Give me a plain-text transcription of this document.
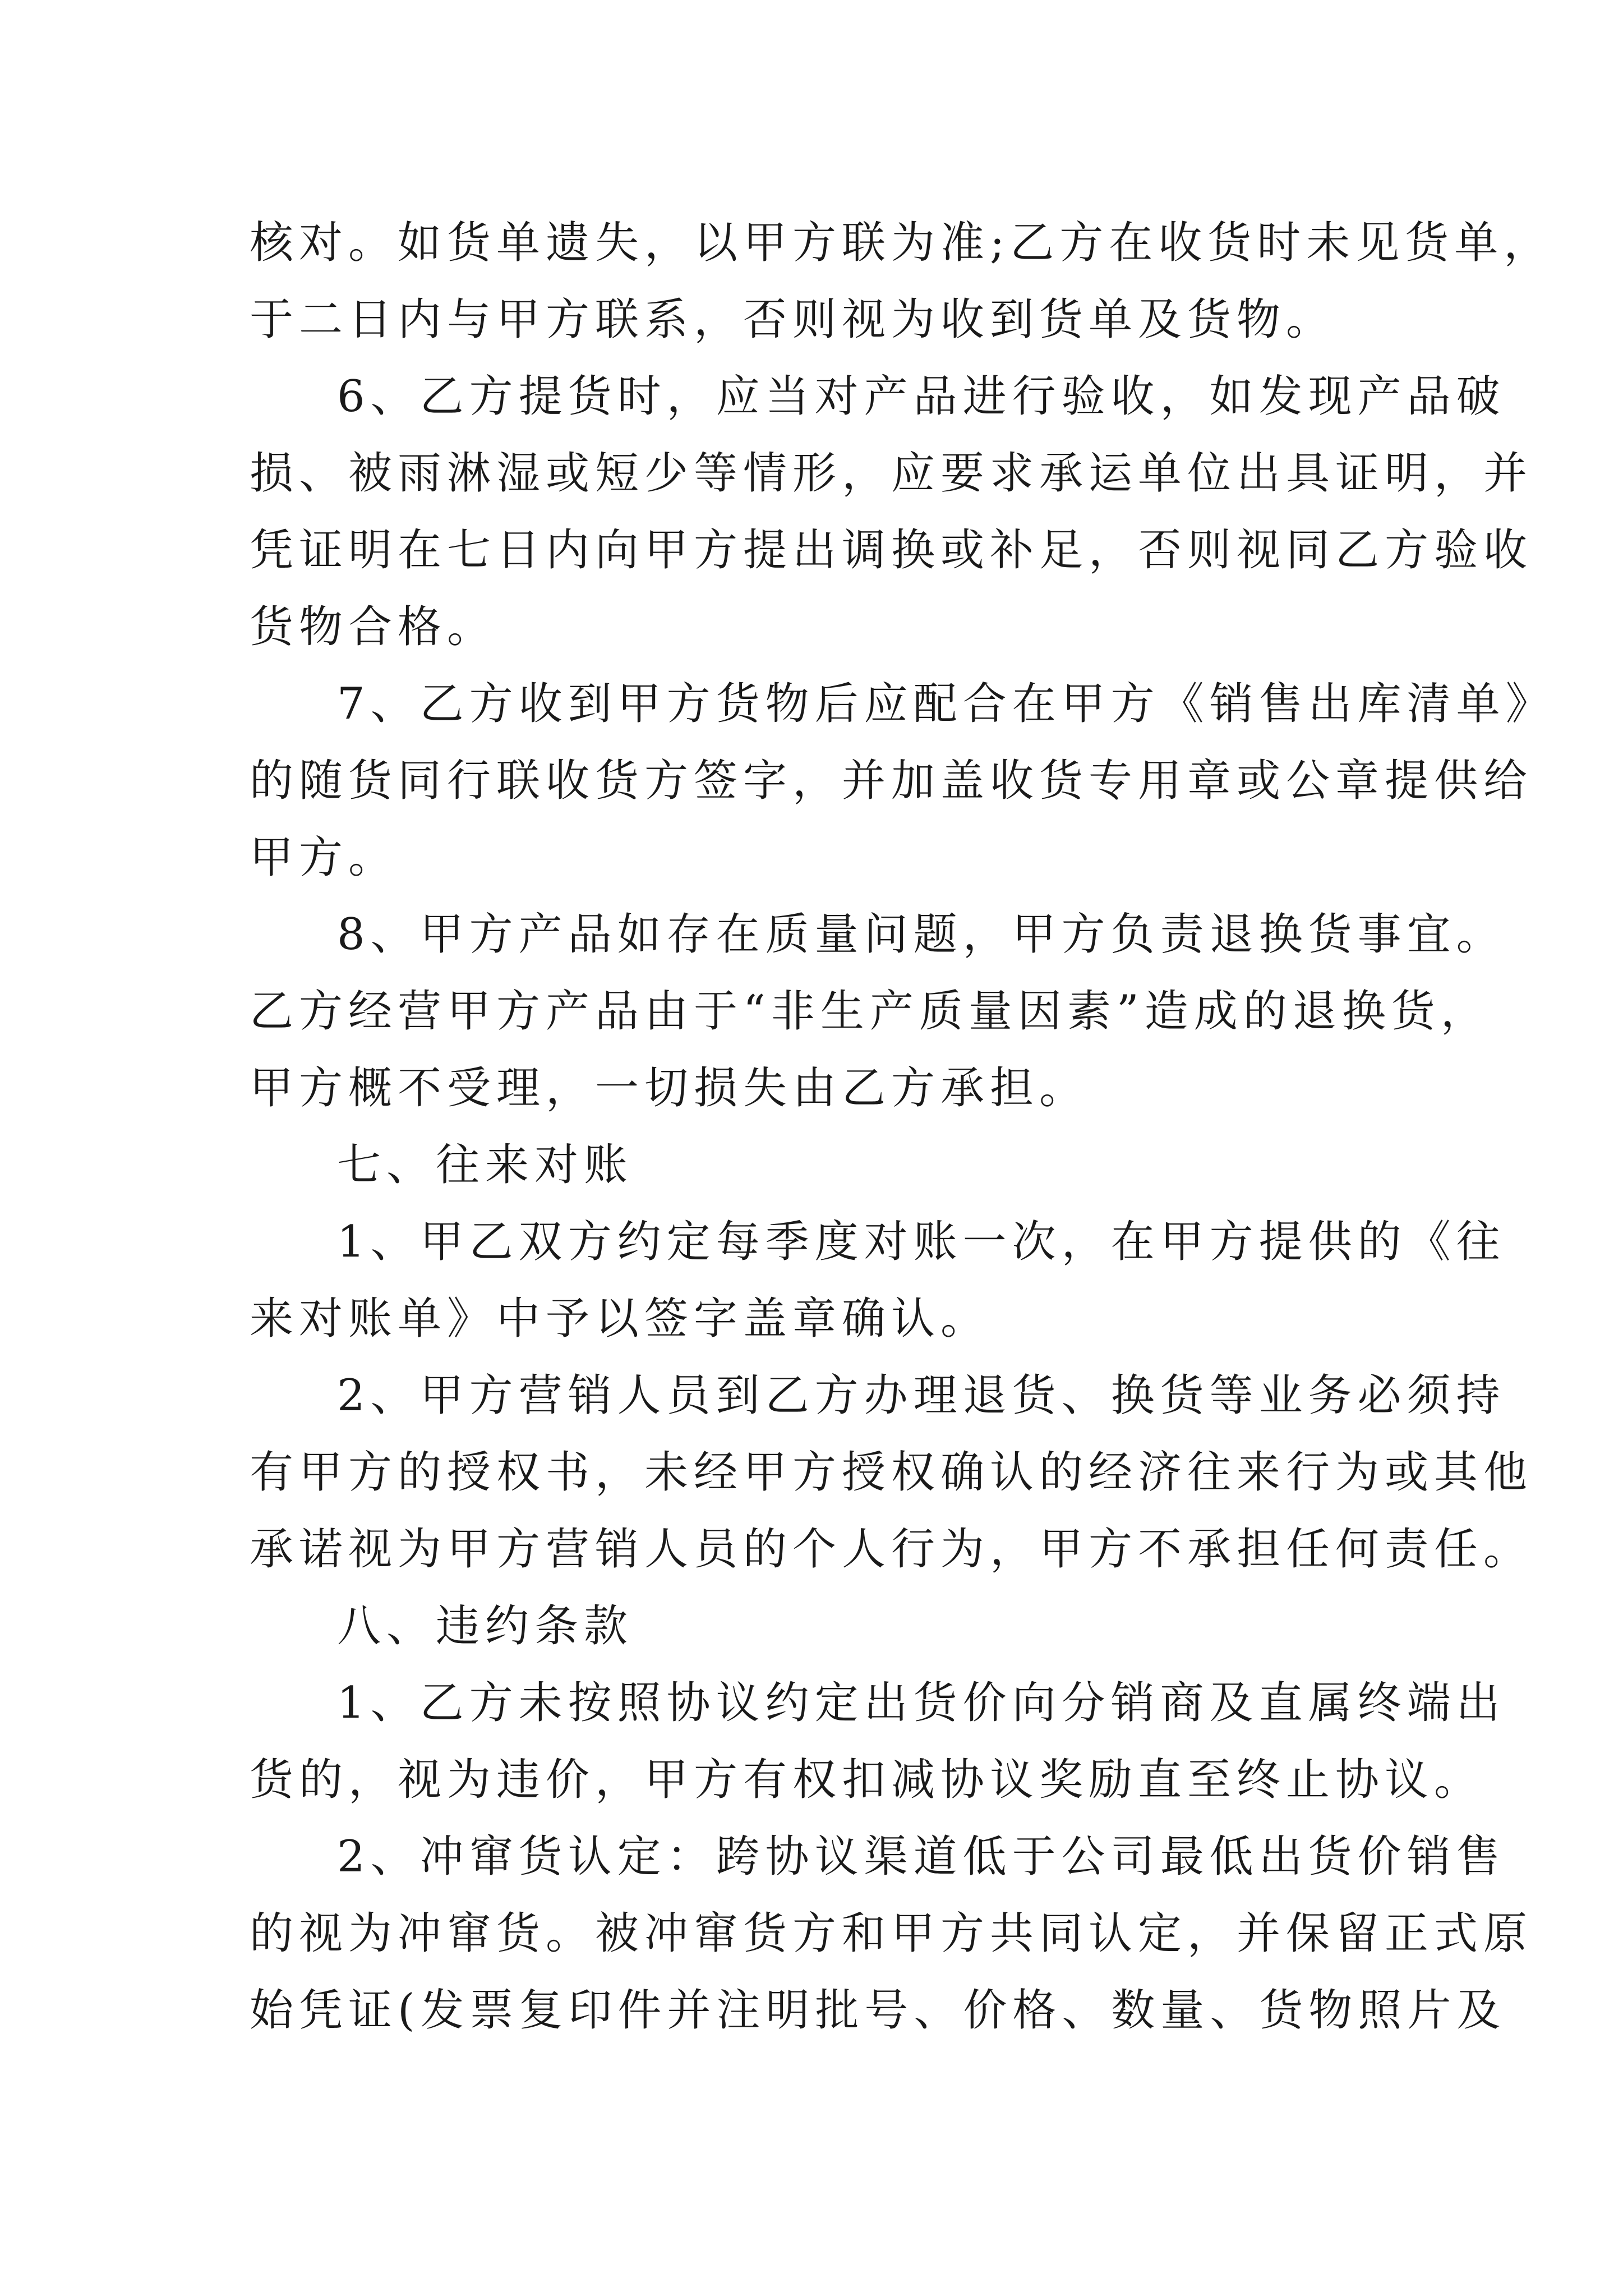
核对。如货单遗失，以甲方联为准;乙方在收货时未见货单，
于二日内与甲方联系，否则视为收到货单及货物。
6、乙方提货时，应当对产品进行验收，如发现产品破
损、被雨淋湿或短少等情形，应要求承运单位出具证明，并
凭证明在七日内向甲方提出调换或补足，否则视同乙方验收
货物合格。
7、乙方收到甲方货物后应配合在甲方《销售出库清单》
的随货同行联收货方签字，并加盖收货专用章或公章提供给
甲方。
8、甲方产品如存在质量问题，甲方负责退换货事宜。
乙方经营甲方产品由于“非生产质量因素”造成的退换货，
甲方概不受理，一切损失由乙方承担。
七、往来对账
1、甲乙双方约定每季度对账一次，在甲方提供的《往
来对账单》中予以签字盖章确认。
2、甲方营销人员到乙方办理退货、换货等业务必须持
有甲方的授权书，未经甲方授权确认的经济往来行为或其他
承诺视为甲方营销人员的个人行为，甲方不承担任何责任。
八、违约条款
1、乙方未按照协议约定出货价向分销商及直属终端出
货的，视为违价，甲方有权扣减协议奖励直至终止协议。
2、冲窜货认定：跨协议渠道低于公司最低出货价销售
的视为冲窜货。被冲窜货方和甲方共同认定，并保留正式原
始凭证(发票复印件并注明批号、价格、数量、货物照片及
